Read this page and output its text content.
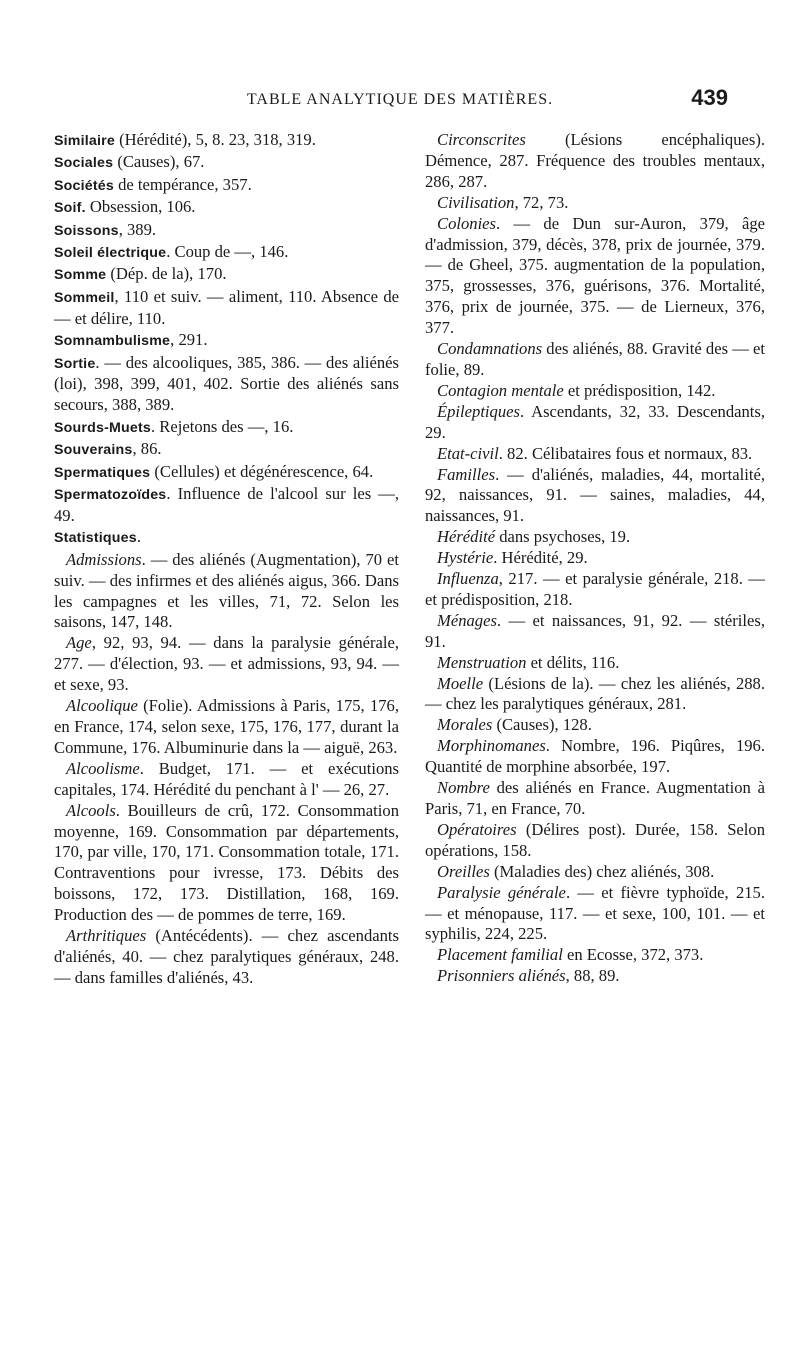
TABLE ANALYTIQUE DES MATIÈRES.	439

Similaire (Hérédité), 5, 8. 23, 318, 319.

Sociales (Causes), 67.

Sociétés de tempérance, 357.

Soif. Obsession, 106.

Soissons, 389.

Soleil électrique. Coup de —, 146.

Somme (Dép. de la), 170.

Sommeil, 110 et suiv. — aliment, 110. Absence de — et délire, 110.

Somnambulisme, 291.

Sortie. — des alcooliques, 385, 386. — des aliénés (loi), 398, 399, 401, 402. Sortie des aliénés sans secours, 388, 389.

Sourds-Muets. Rejetons des —, 16.

Souverains, 86.

Spermatiques (Cellules) et dégénérescence, 64.

Spermatozoïdes. Influence de l'alcool sur les —, 49.

Statistiques.

Admissions. — des aliénés (Augmentation), 70 et suiv. — des infirmes et des aliénés aigus, 366. Dans les campagnes et les villes, 71, 72. Selon les saisons, 147, 148.

Age, 92, 93, 94. — dans la paralysie générale, 277. — d'élection, 93. — et admissions, 93, 94. — et sexe, 93.

Alcoolique (Folie). Admissions à Paris, 175, 176, en France, 174, selon sexe, 175, 176, 177, durant la Commune, 176. Albuminurie dans la — aiguë, 263.

Alcoolisme. Budget, 171. — et exécutions capitales, 174. Hérédité du penchant à l' — 26, 27.

Alcools. Bouilleurs de crû, 172. Consommation moyenne, 169. Consommation par départements, 170, par ville, 170, 171. Consommation totale, 171. Contraventions pour ivresse, 173. Débits des boissons, 172, 173. Distillation, 168, 169. Production des — de pommes de terre, 169.

Arthritiques (Antécédents). — chez ascendants d'aliénés, 40. — chez paralytiques généraux, 248. — dans familles d'aliénés, 43.

Circonscrites (Lésions encéphaliques). Démence, 287. Fréquence des troubles mentaux, 286, 287.

Civilisation, 72, 73.

Colonies. — de Dun sur-Auron, 379, âge d'admission, 379, décès, 378, prix de journée, 379. — de Gheel, 375. augmentation de la population, 375, grossesses, 376, guérisons, 376. Mortalité, 376, prix de journée, 375. — de Lierneux, 376, 377.

Condamnations des aliénés, 88. Gravité des — et folie, 89.

Contagion mentale et prédisposition, 142.

Épileptiques. Ascendants, 32, 33. Descendants, 29.

Etat-civil. 82. Célibataires fous et normaux, 83.

Familles. — d'aliénés, maladies, 44, mortalité, 92, naissances, 91. — saines, maladies, 44, naissances, 91.

Hérédité dans psychoses, 19.

Hystérie. Hérédité, 29.

Influenza, 217. — et paralysie générale, 218. — et prédisposition, 218.

Ménages. — et naissances, 91, 92. — stériles, 91.

Menstruation et délits, 116.

Moelle (Lésions de la). — chez les aliénés, 288. — chez les paralytiques généraux, 281.

Morales (Causes), 128.

Morphinomanes. Nombre, 196. Piqûres, 196. Quantité de morphine absorbée, 197.

Nombre des aliénés en France. Augmentation à Paris, 71, en France, 70.

Opératoires (Délires post). Durée, 158. Selon opérations, 158.

Oreilles (Maladies des) chez aliénés, 308.

Paralysie générale. — et fièvre typhoïde, 215. — et ménopause, 117. — et sexe, 100, 101. — et syphilis, 224, 225.

Placement familial en Ecosse, 372, 373.

Prisonniers aliénés, 88, 89.
